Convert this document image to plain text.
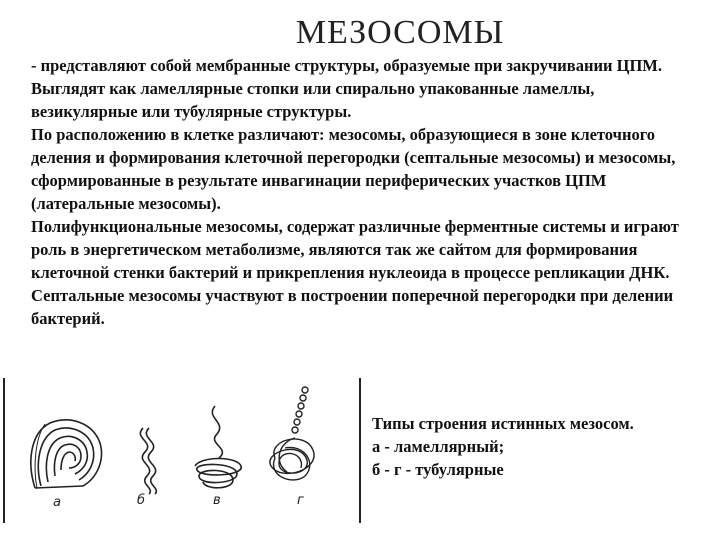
МЕЗОСОМЫ

- представляют собой мембранные структуры, образуемые при закручивании ЦПМ. Выглядят как ламеллярные стопки или спирально упакованные ламеллы, везикулярные или тубулярные структуры.

По расположению в клетке различают: мезосомы, образующиеся в зоне клеточного деления и формирования клеточной перегородки (септальные мезосомы) и мезосомы, сформированные в результате инвагинации периферических участков ЦПМ (латеральные мезосомы).

Полифункциональные мезосомы, содержат различные ферментные системы и играют роль в энергетическом метаболизме, являются так же сайтом для формирования клеточной стенки бактерий и прикрепления нуклеоида в процессе репликации ДНК.

Септальные мезосомы участвуют в построении поперечной перегородки при делении бактерий.

а	б	в	г
Типы строения истинных мезосом.
а - ламеллярный;
б - г - тубулярные
